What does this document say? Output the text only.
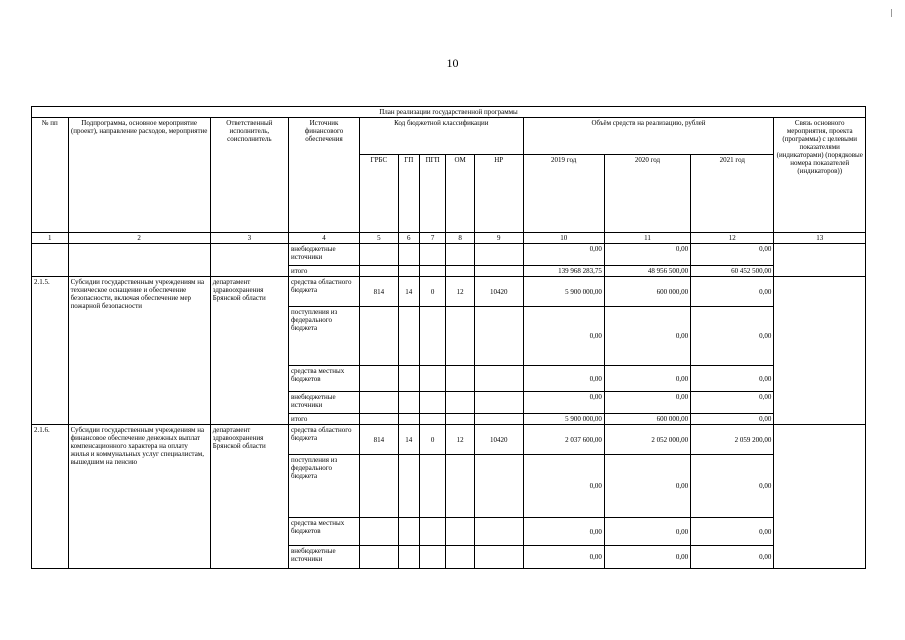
10
План реализации государственной программы												
№ пп	Подпрограмма, основное мероприятие (проект), направление расходов, мероприятие	Ответственный исполнитель, соисполнитель	Источник финансового обеспечения	Код бюджетной классификации					Объём средств на реализацию, рублей			Связь основного мероприятия, проекта (программы) с целевыми показателями (индикаторами) (порядковые номера показателей (индикаторов))
				ГРБС	ГП	ПГП	ОМ	НР	2019 год	2020 год	2021 год	
1	2	3	4	5	6	7	8	9	10	11	12	13
			внебюджетные источники						0,00	0,00	0,00	
			итого						139 968 283,75	48 956 500,00	60 452 500,00	
2.1.5.	Субсидии государственным учреждениям на техническое оснащение и обеспечение безопасности, включая обеспечение мер пожарной безопасности	департамент здравоохранения Брянской области	средства областного бюджета	814	14	0	12	10420	5 900 000,00	600 000,00	0,00	
			поступления из федерального бюджета						0,00	0,00	0,00	
			средства местных бюджетов						0,00	0,00	0,00	
			внебюджетные источники						0,00	0,00	0,00	
			итого						5 900 000,00	600 000,00	0,00	
2.1.6.	Субсидии государственным учреждениям на финансовое обеспечение денежных выплат компенсационного характера на оплату жилья и коммунальных услуг специалистам, вышедшим на пенсию	департамент здравоохранения Брянской области	средства областного бюджета	814	14	0	12	10420	2 037 600,00	2 052 000,00	2 059 200,00	
			поступления из федерального бюджета						0,00	0,00	0,00	
			средства местных бюджетов						0,00	0,00	0,00	
			внебюджетные источники						0,00	0,00	0,00	
